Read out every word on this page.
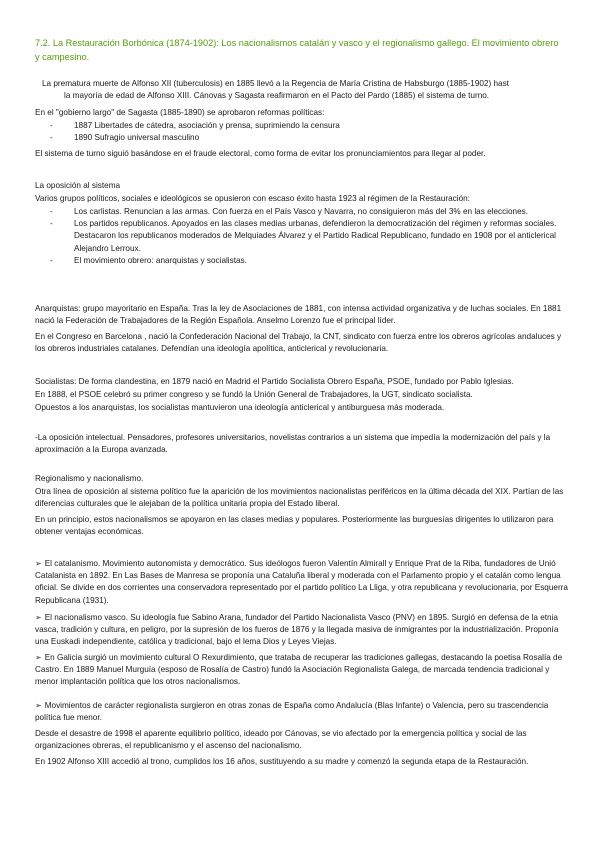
7.2. La Restauración Borbónica (1874-1902): Los nacionalismos catalán y vasco y el regionalismo gallego. El movimiento obrero y campesino.

La prematura muerte de Alfonso XII (tuberculosis) en 1885 llevó a la Regencia de María Cristina de Habsburgo (1885-1902) hast
la mayoría de edad de Alfonso XIII. Cánovas y Sagasta reafirmaron en el Pacto del Pardo (1885) el sistema de turno.

En el "gobierno largo" de Sagasta (1885-1890) se aprobaron reformas políticas:

- 1887 Libertades de cátedra, asociación y prensa, suprimiendo la censura
- 1890 Sufragio universal masculino

El sistema de turno siguió basándose en el fraude electoral, como forma de evitar los pronunciamientos para llegar al poder.

La oposición al sistema

Varios grupos políticos, sociales e ideológicos se opusieron con escaso éxito hasta 1923 al régimen de la Restauración:

- Los carlistas. Renuncian a las armas. Con fuerza en el País Vasco y Navarra, no consiguieron más del 3% en las elecciones.
- Los partidos republicanos. Apoyados en las clases medias urbanas, defendieron la democratización del régimen y reformas sociales. Destacaron los republicanos moderados de Melquiades Álvarez y el Partido Radical Republicano, fundado en 1908 por el anticlerical Alejandro Lerroux.
- El movimiento obrero: anarquistas y socialistas.

Anarquistas: grupo mayoritario en España. Tras la ley de Asociaciones de 1881, con intensa actividad organizativa y de luchas sociales. En 1881 nació la Federación de Trabajadores de la Región Española. Anselmo Lorenzo fue el principal líder.

En el Congreso en Barcelona , nació la Confederación Nacional del Trabajo, la CNT, sindicato con fuerza entre los obreros agrícolas andaluces y los obreros industriales catalanes. Defendían una ideología apolítica, anticlerical y revolucionaria.

Socialistas: De forma clandestina, en 1879 nació en Madrid el Partido Socialista Obrero España, PSOE, fundado por Pablo Iglesias.

En 1888, el PSOE celebró su primer congreso y se fundó la Unión General de Trabajadores, la UGT, sindicato socialista.

Opuestos a los anarquistas, los socialistas mantuvieron una ideología anticlerical y antiburguesa más moderada.

-La oposición intelectual. Pensadores, profesores universitarios, novelistas contrarios a un sistema que impedía la modernización del país y la aproximación a la Europa avanzada.

Regionalismo y nacionalismo.

Otra línea de oposición al sistema político fue la aparición de los movimientos nacionalistas periféricos en la última década del XIX. Partían de las diferencias culturales que le alejaban de la política unitaria propia del Estado liberal.

En un principio, estos nacionalismos se apoyaron en las clases medias y populares. Posteriormente las burguesías dirigentes lo utilizaron para obtener ventajas económicas.

➢ El catalanismo. Movimiento autonomista y democrático. Sus ideólogos fueron Valentín Almirall y Enrique Prat de la Riba, fundadores de Unió Catalanista en 1892. En Las Bases de Manresa se proponía una Cataluña liberal y moderada con el Parlamento propio y el catalán como lengua oficial. Se divide en dos corrientes una conservadora representado por el partido político La Lliga, y otra republicana y revolucionaria, por Esquerra Republicana (1931).

➢ El nacionalismo vasco. Su ideología fue Sabino Arana, fundador del Partido Nacionalista Vasco (PNV) en 1895. Surgió en defensa de la etnia vasca, tradición y cultura, en peligro, por la supresión de los fueros de 1876 y la llegada masiva de inmigrantes por la industrialización. Proponía una Euskadi independiente, católica y tradicional, bajo el lema Dios y Leyes Viejas.

➢ En Galicia surgió un movimiento cultural O Rexurdimiento, que trataba de recuperar las tradiciones gallegas, destacando la poetisa Rosalía de Castro. En 1889 Manuel Murguía (esposo de Rosalía de Castro) fundó la Asociación Regionalista Galega, de marcada tendencia tradicional y menor implantación política que los otros nacionalismos.

➢ Movimientos de carácter regionalista surgieron en otras zonas de España como Andalucía (Blas Infante) o Valencia, pero su trascendencia política fue menor.

Desde el desastre de 1998 el aparente equilibrio político, ideado por Cánovas, se vio afectado por la emergencia política y social de las organizaciones obreras, el republicanismo y el ascenso del nacionalismo.

En 1902 Alfonso XIII accedió al trono, cumplidos los 16 años, sustituyendo a su madre y comenzó la segunda etapa de la Restauración.
